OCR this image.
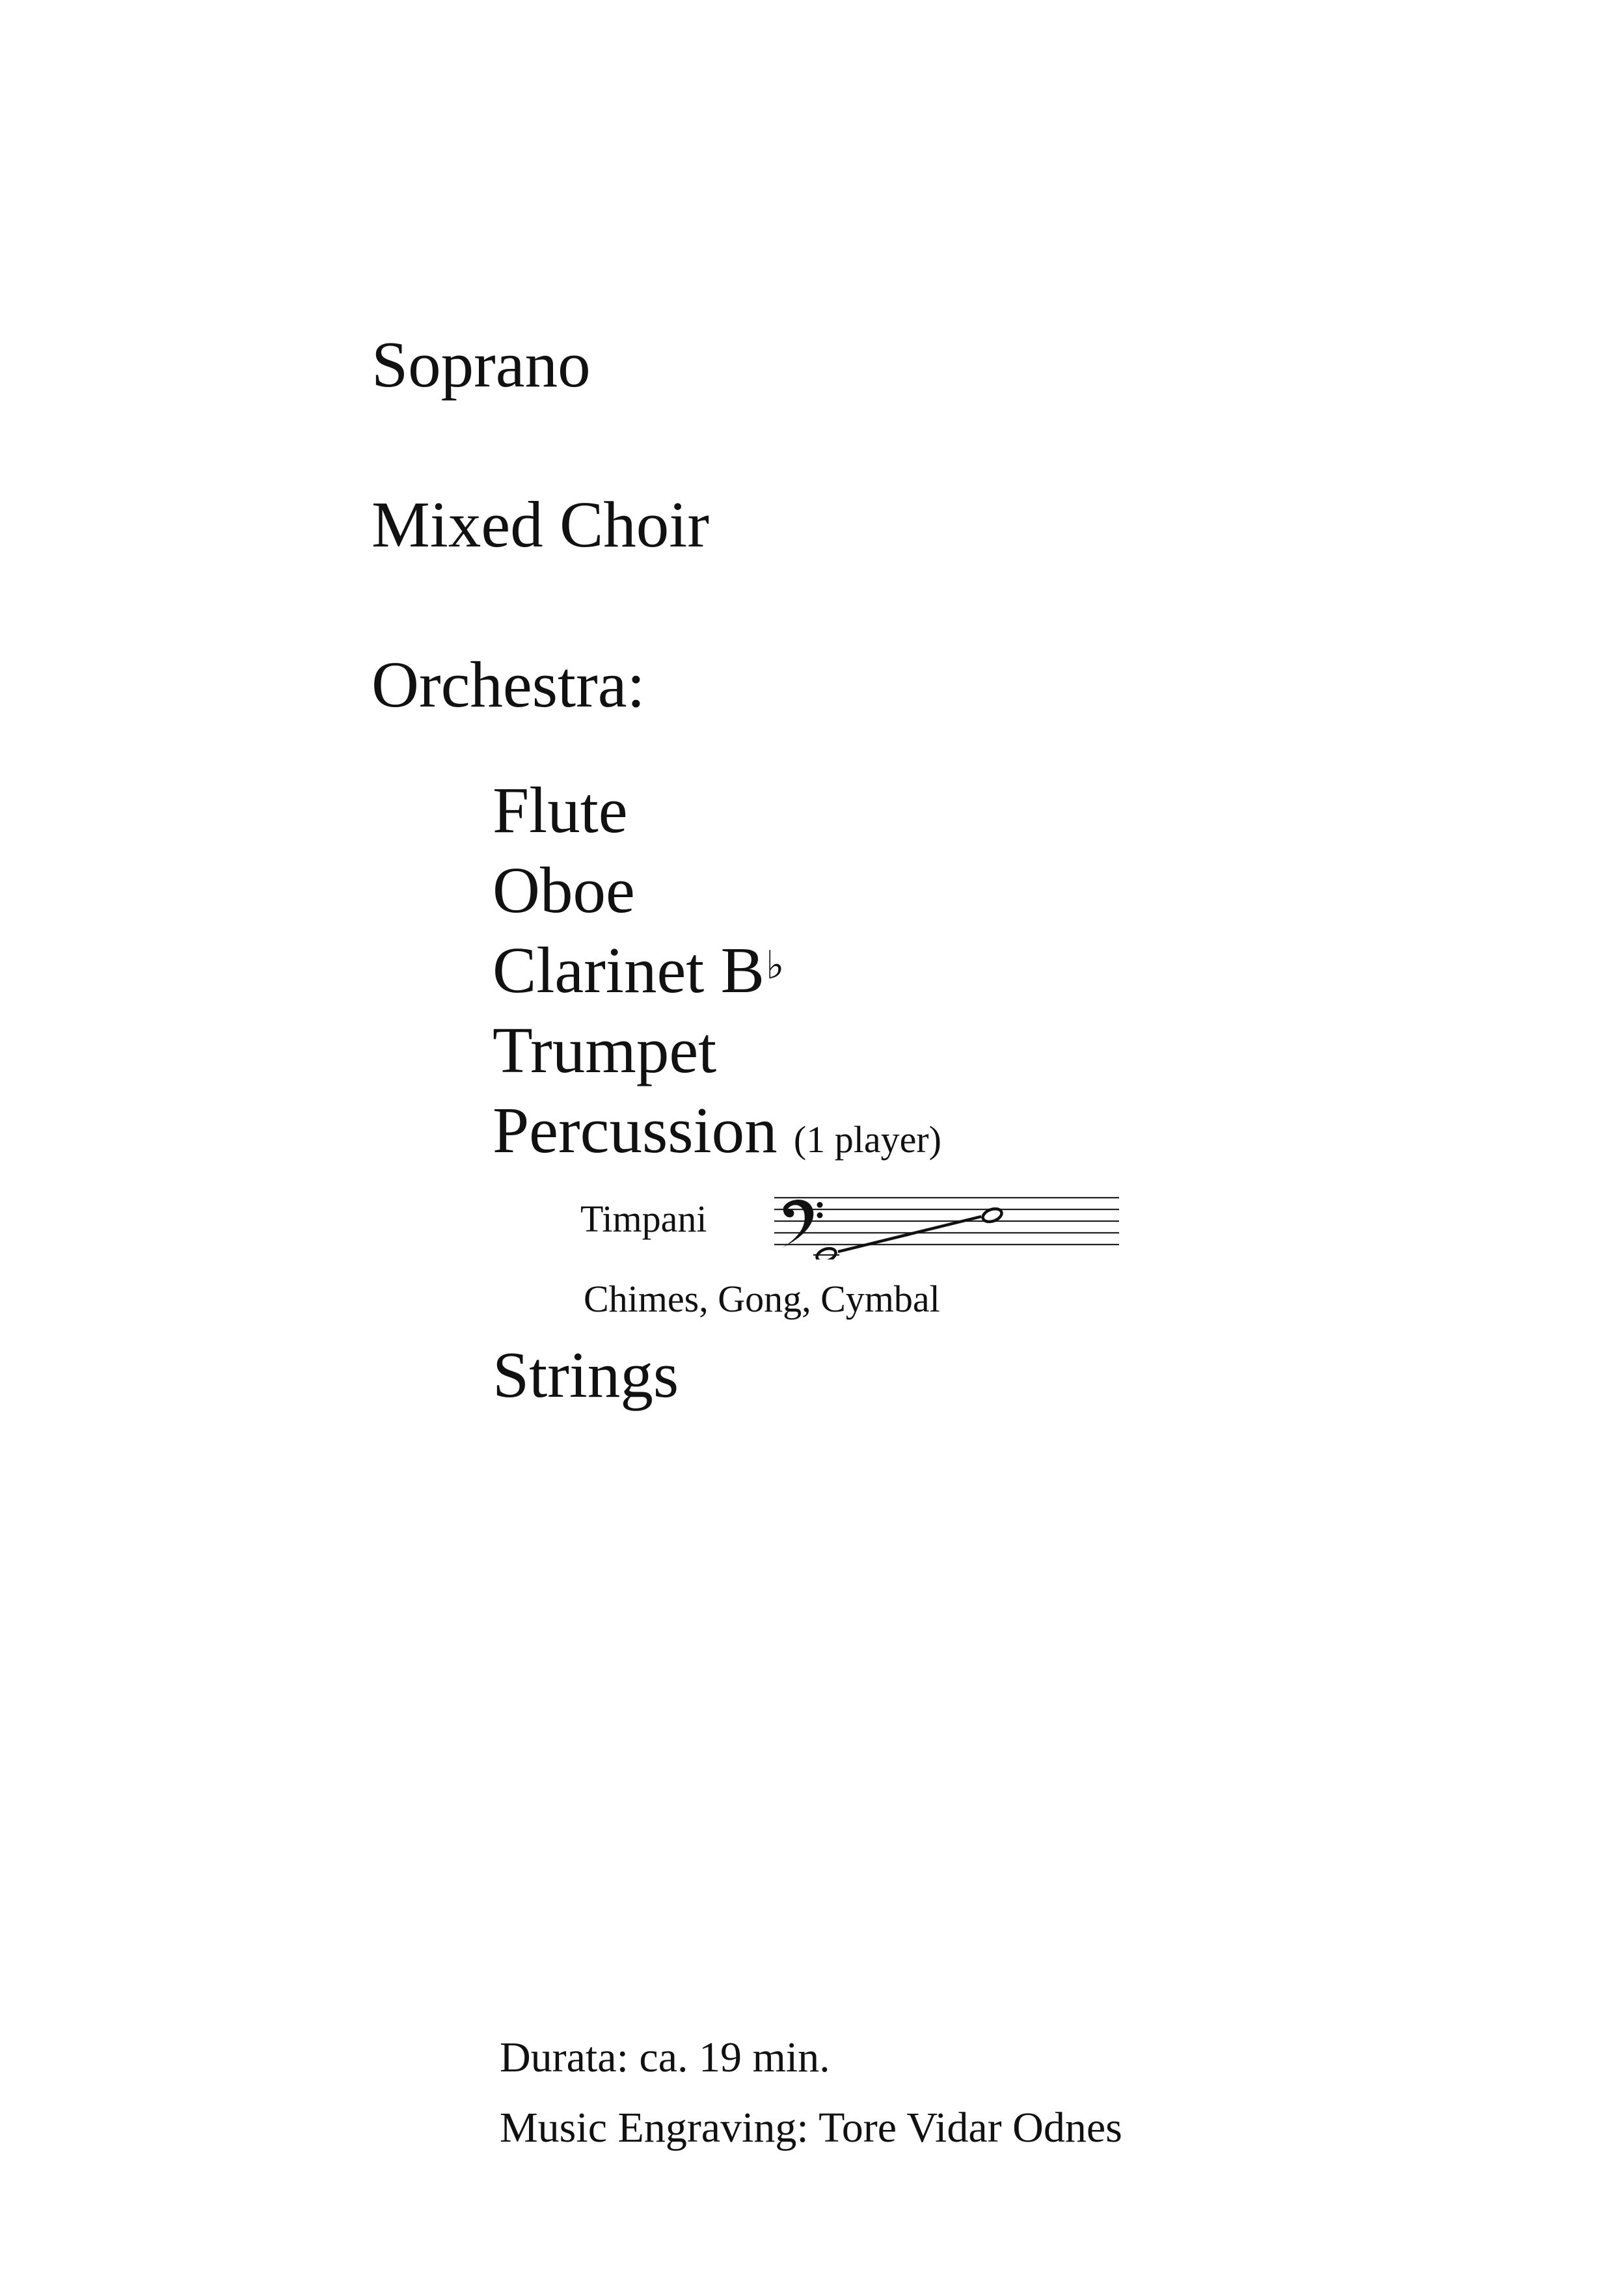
Soprano
Mixed Choir
Orchestra:
Flute
Oboe
Clarinet B♭
Trumpet
Percussion (1 player)
Timpani
Chimes, Gong, Cymbal
Strings
Durata: ca. 19 min.
Music Engraving: Tore Vidar Odnes
